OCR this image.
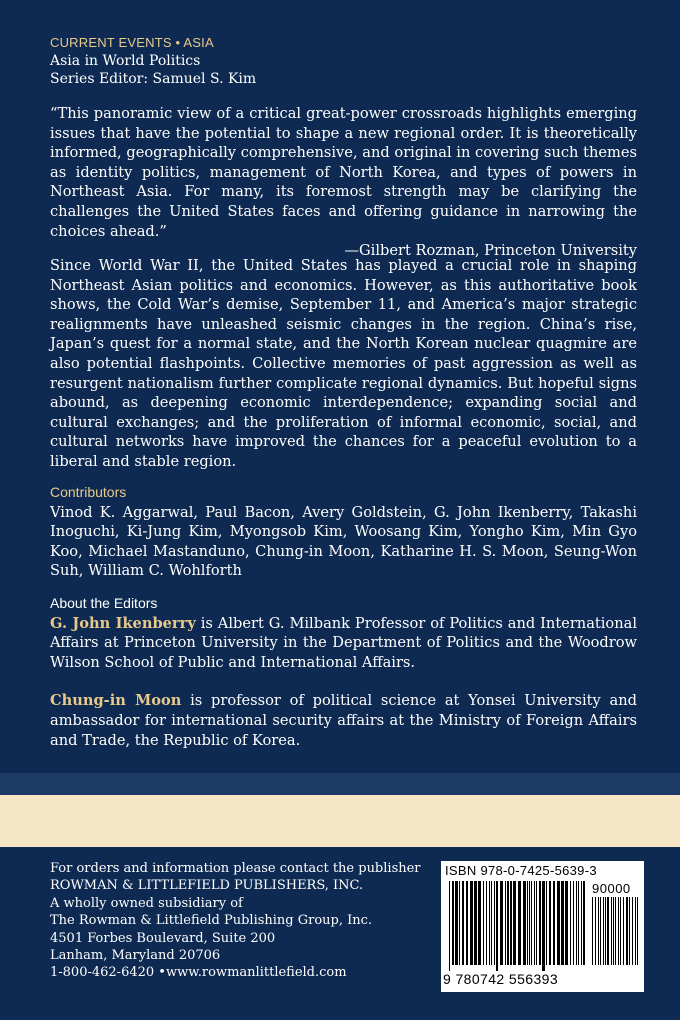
CURRENT EVENTS • ASIA
Asia in World Politics
Series Editor: Samuel S. Kim
“This panoramic view of a critical great-power crossroads highlights emerging issues that have the potential to shape a new regional order. It is theoretically informed, geographically comprehensive, and original in covering such themes as identity politics, management of North Korea, and types of powers in Northeast Asia. For many, its foremost strength may be clarifying the challenges the United States faces and offering guidance in narrowing the choices ahead.”
—Gilbert Rozman, Princeton University
Since World War II, the United States has played a crucial role in shaping Northeast Asian politics and economics. However, as this authoritative book shows, the Cold War’s demise, September 11, and America’s major strategic realignments have unleashed seismic changes in the region. China’s rise, Japan’s quest for a normal state, and the North Korean nuclear quagmire are also potential flashpoints. Collective memories of past aggression as well as resurgent nationalism further complicate regional dynamics. But hopeful signs abound, as deepening economic interdependence; expanding social and cultural exchanges; and the proliferation of informal economic, social, and cultural networks have improved the chances for a peaceful evolution to a liberal and stable region.
Contributors
Vinod K. Aggarwal, Paul Bacon, Avery Goldstein, G. John Ikenberry, Takashi Inoguchi, Ki-Jung Kim, Myongsob Kim, Woosang Kim, Yongho Kim, Min Gyo Koo, Michael Mastanduno, Chung-in Moon, Katharine H. S. Moon, Seung-Won Suh, William C. Wohlforth
About the Editors

G. John Ikenberry is Albert G. Milbank Professor of Politics and International Affairs at Princeton University in the Department of Politics and the Woodrow Wilson School of Public and International Affairs.

Chung-in Moon is professor of political science at Yonsei University and ambassador for international security affairs at the Ministry of Foreign Affairs and Trade, the Republic of Korea.

For orders and information please contact the publisher
ROWMAN & LITTLEFIELD PUBLISHERS, INC.
A wholly owned subsidiary of
The Rowman & Littlefield Publishing Group, Inc.
4501 Forbes Boulevard, Suite 200
Lanham, Maryland 20706
1-800-462-6420 •www.rowmanlittlefield.com
ISBN 978-0-7425-5639-3
90000
9 780742 556393
